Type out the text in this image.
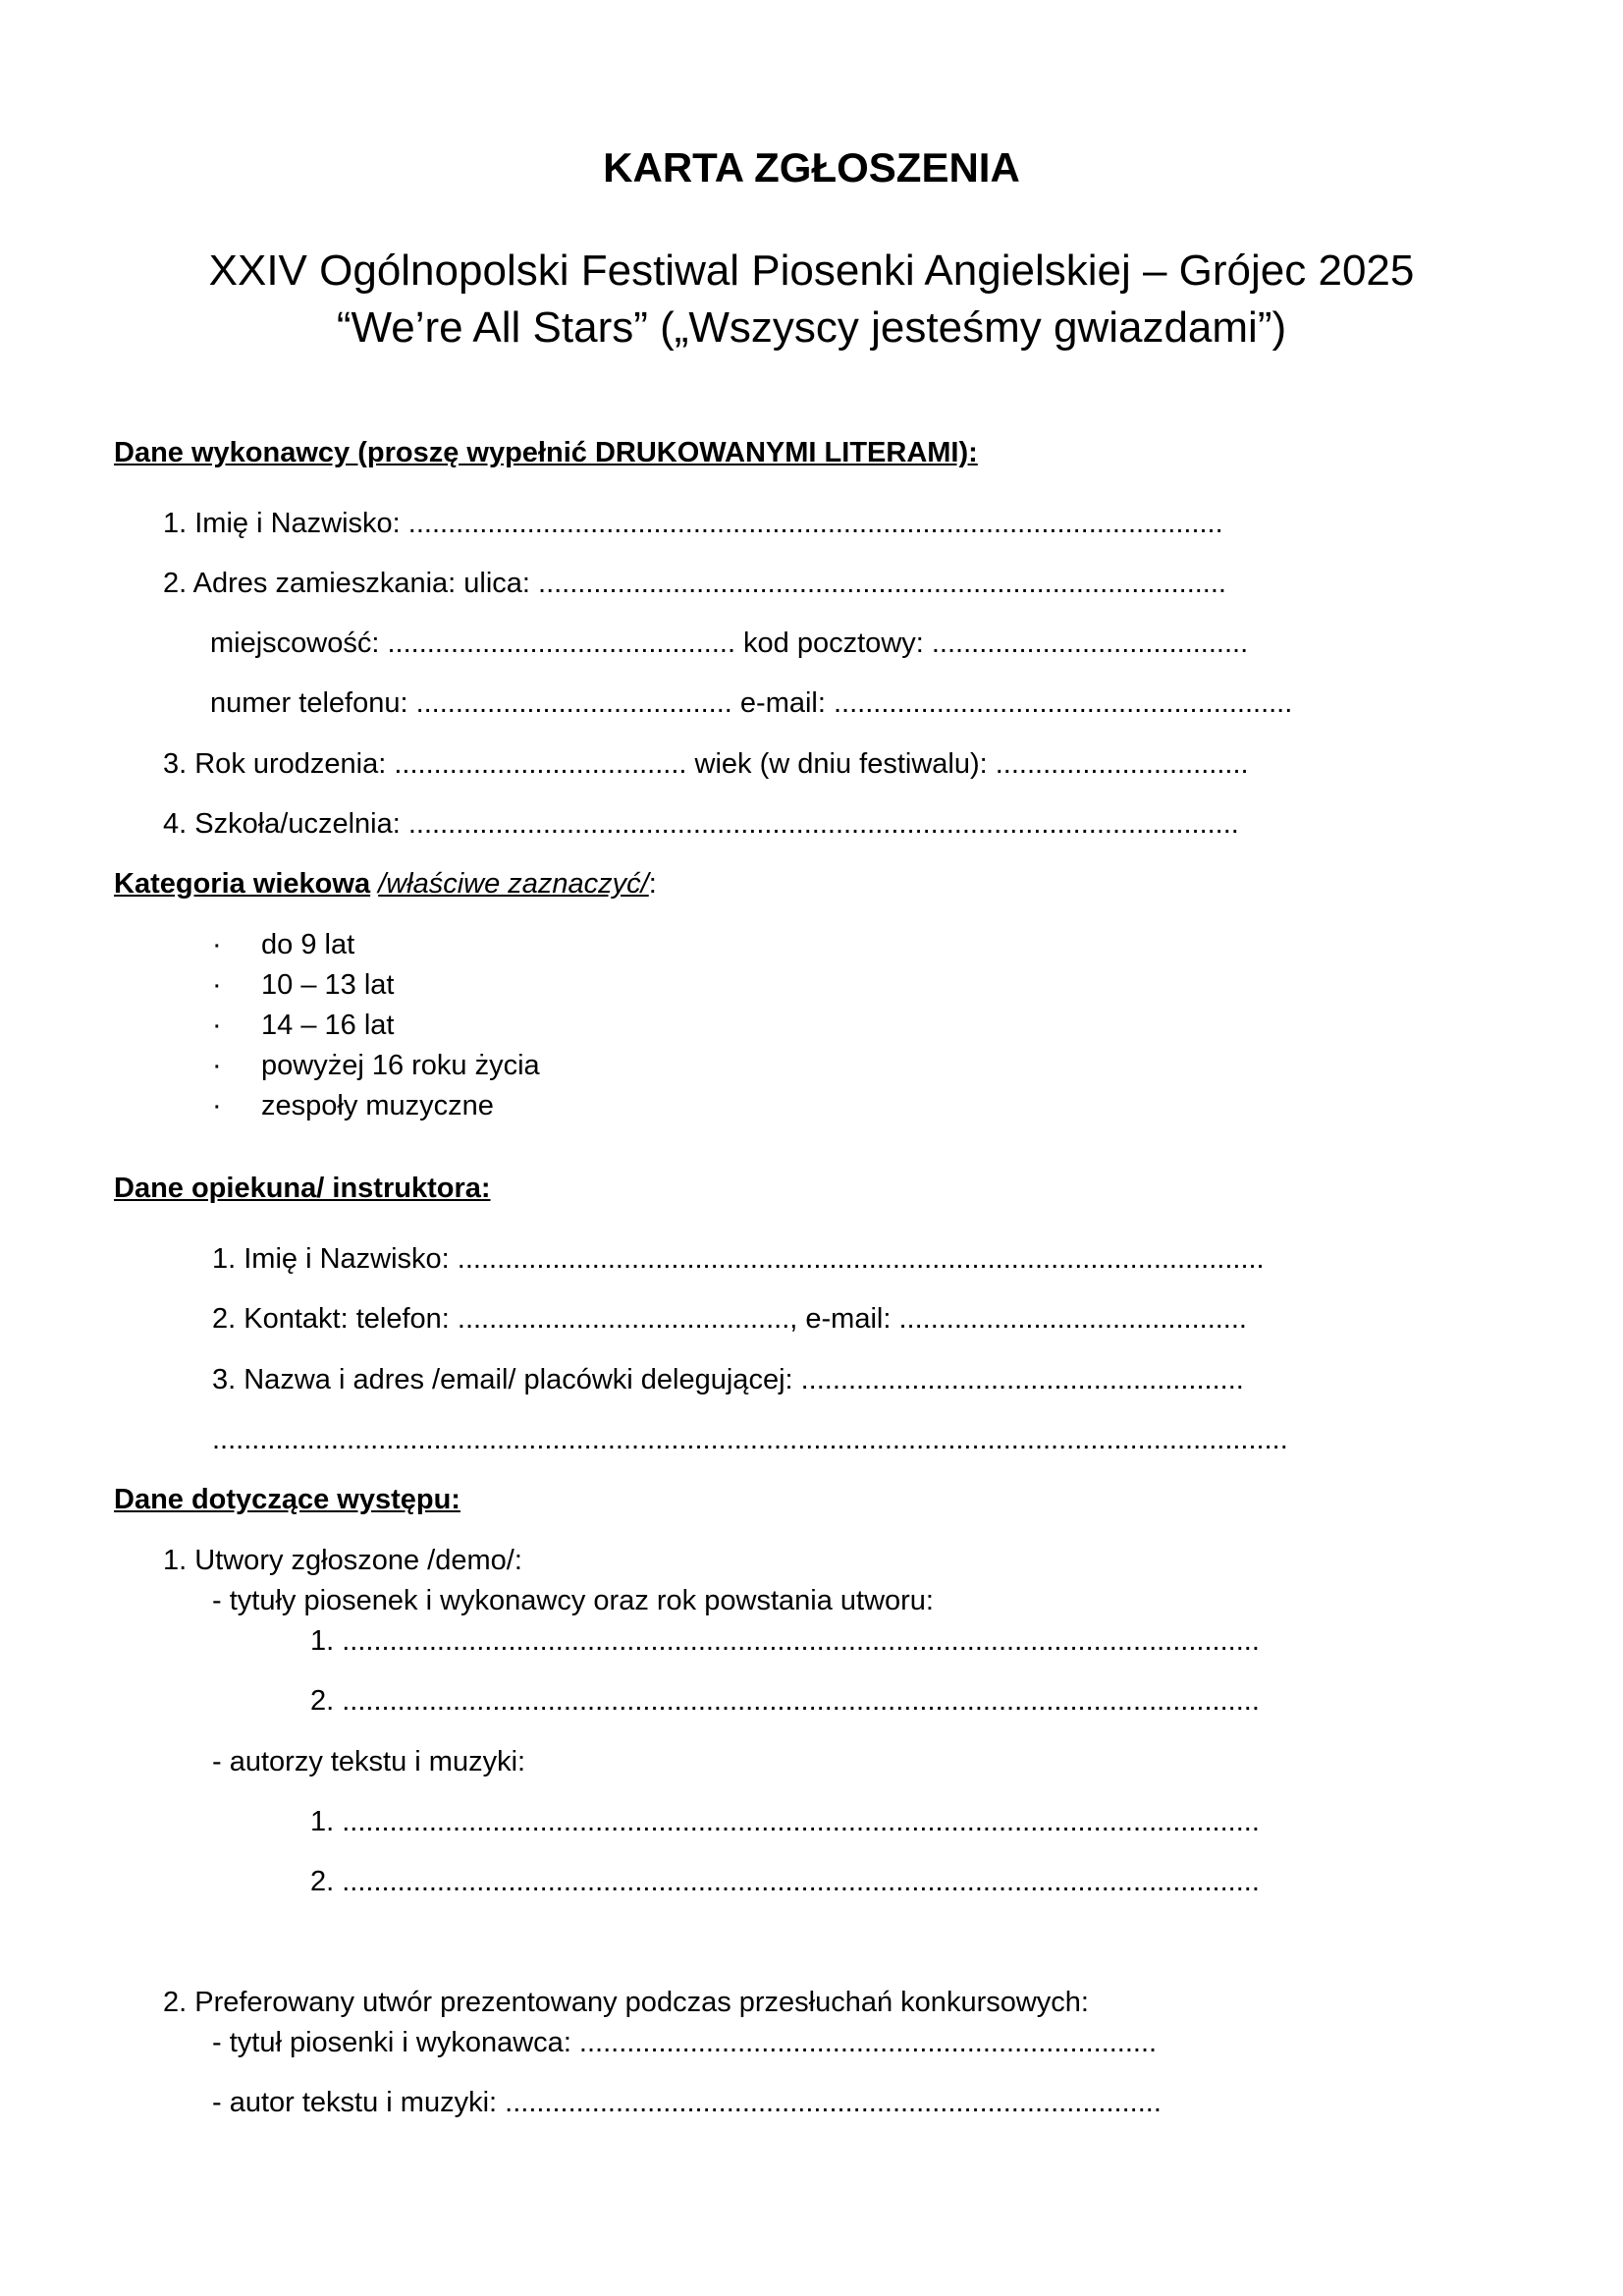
KARTA ZGŁOSZENIA
XXIV Ogólnopolski Festiwal Piosenki Angielskiej – Grójec 2025
“We’re All Stars” („Wszyscy jesteśmy gwiazdami”)
Dane wykonawcy (proszę wypełnić DRUKOWANYMI LITERAMI):
1. Imię i Nazwisko: .......................................................................................................
2. Adres zamieszkania: ulica: .......................................................................................
miejscowość: ............................................ kod pocztowy: ........................................
numer telefonu: ........................................ e-mail: ..........................................................
3. Rok urodzenia: ..................................... wiek (w dniu festiwalu): ................................
4. Szkoła/uczelnia: .........................................................................................................
Kategoria wiekowa /właściwe zaznaczyć/:
· do 9 lat
· 10 – 13 lat
· 14 – 16 lat
· powyżej 16 roku życia
· zespoły muzyczne
Dane opiekuna/ instruktora:
1. Imię i Nazwisko: ......................................................................................................
2. Kontakt: telefon: .........................................., e-mail: ............................................
3. Nazwa i adres /email/ placówki delegującej: ........................................................
........................................................................................................................................
Dane dotyczące występu:
1. Utwory zgłoszone /demo/:
- tytuły piosenek i wykonawcy oraz rok powstania utworu:
1. ....................................................................................................................
2. ....................................................................................................................
- autorzy tekstu i muzyki:
1. ....................................................................................................................
2. ....................................................................................................................
2. Preferowany utwór prezentowany podczas przesłuchań konkursowych:
- tytuł piosenki i wykonawca: .........................................................................
- autor tekstu i muzyki: ...................................................................................
